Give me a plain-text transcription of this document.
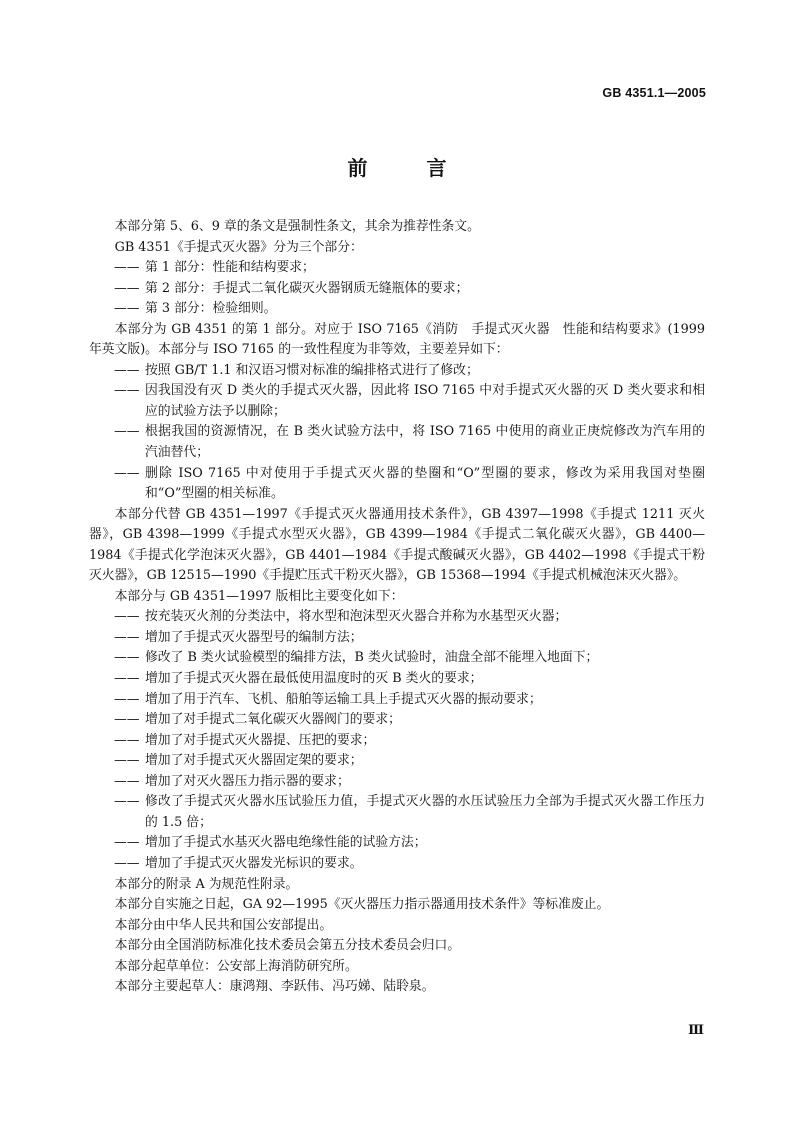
GB 4351.1—2005
前 言
本部分第 5、6、9 章的条文是强制性条文，其余为推荐性条文。
GB 4351《手提式灭火器》分为三个部分：
—— 第 1 部分：性能和结构要求；
—— 第 2 部分：手提式二氧化碳灭火器钢质无缝瓶体的要求；
—— 第 3 部分：检验细则。
本部分为 GB 4351 的第 1 部分。对应于 ISO 7165《消防　手提式灭火器　性能和结构要求》(1999 年英文版)。本部分与 ISO 7165 的一致性程度为非等效，主要差异如下：
—— 按照 GB/T 1.1 和汉语习惯对标准的编排格式进行了修改；
—— 因我国没有灭 D 类火的手提式灭火器，因此将 ISO 7165 中对手提式灭火器的灭 D 类火要求和相应的试验方法予以删除；
—— 根据我国的资源情况，在 B 类火试验方法中，将 ISO 7165 中使用的商业正庚烷修改为汽车用的汽油替代；
—— 删除 ISO 7165 中对使用于手提式灭火器的垫圈和“O”型圈的要求，修改为采用我国对垫圈和“O”型圈的相关标准。
本部分代替 GB 4351—1997《手提式灭火器通用技术条件》，GB 4397—1998《手提式 1211 灭火器》，GB 4398—1999《手提式水型灭火器》，GB 4399—1984《手提式二氧化碳灭火器》，GB 4400—1984《手提式化学泡沫灭火器》，GB 4401—1984《手提式酸碱灭火器》，GB 4402—1998《手提式干粉灭火器》，GB 12515—1990《手提贮压式干粉灭火器》，GB 15368—1994《手提式机械泡沫灭火器》。
本部分与 GB 4351—1997 版相比主要变化如下：
—— 按充装灭火剂的分类法中，将水型和泡沫型灭火器合并称为水基型灭火器；
—— 增加了手提式灭火器型号的编制方法；
—— 修改了 B 类火试验模型的编排方法，B 类火试验时，油盘全部不能埋入地面下；
—— 增加了手提式灭火器在最低使用温度时的灭 B 类火的要求；
—— 增加了用于汽车、飞机、船舶等运输工具上手提式灭火器的振动要求；
—— 增加了对手提式二氧化碳灭火器阀门的要求；
—— 增加了对手提式灭火器提、压把的要求；
—— 增加了对手提式灭火器固定架的要求；
—— 增加了对灭火器压力指示器的要求；
—— 修改了手提式灭火器水压试验压力值，手提式灭火器的水压试验压力全部为手提式灭火器工作压力的 1.5 倍；
—— 增加了手提式水基灭火器电绝缘性能的试验方法；
—— 增加了手提式灭火器发光标识的要求。
本部分的附录 A 为规范性附录。
本部分自实施之日起，GA 92—1995《灭火器压力指示器通用技术条件》等标准废止。
本部分由中华人民共和国公安部提出。
本部分由全国消防标准化技术委员会第五分技术委员会归口。
本部分起草单位：公安部上海消防研究所。
本部分主要起草人：康鸿翔、李跃伟、冯巧娣、陆聆泉。
Ⅲ
